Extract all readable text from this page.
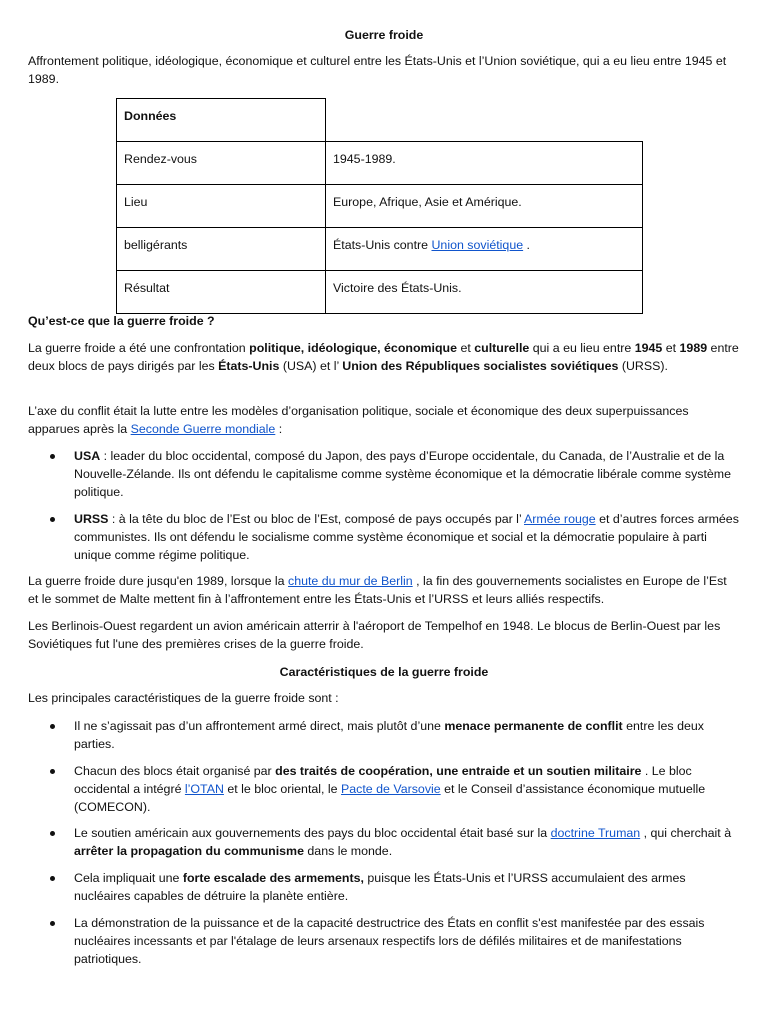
Guerre froide

Affrontement politique, idéologique, économique et culturel entre les États-Unis et l’Union soviétique, qui a eu lieu entre 1945 et 1989.

Données	
Rendez-vous	1945-1989.
Lieu	Europe, Afrique, Asie et Amérique.
belligérants	États-Unis contre Union soviétique .
Résultat	Victoire des États-Unis.

Qu’est-ce que la guerre froide ?

La guerre froide a été une confrontation politique, idéologique, économique et culturelle qui a eu lieu entre 1945 et 1989 entre deux blocs de pays dirigés par les États-Unis (USA) et l’ Union des Républiques socialistes soviétiques (URSS).

L’axe du conflit était la lutte entre les modèles d’organisation politique, sociale et économique des deux superpuissances apparues après la Seconde Guerre mondiale :

USA : leader du bloc occidental, composé du Japon, des pays d’Europe occidentale, du Canada, de l’Australie et de la Nouvelle-Zélande. Ils ont défendu le capitalisme comme système économique et la démocratie libérale comme système politique.
URSS : à la tête du bloc de l’Est ou bloc de l’Est, composé de pays occupés par l’ Armée rouge et d’autres forces armées communistes. Ils ont défendu le socialisme comme système économique et social et la démocratie populaire à parti unique comme régime politique.

La guerre froide dure jusqu'en 1989, lorsque la chute du mur de Berlin , la fin des gouvernements socialistes en Europe de l’Est et le sommet de Malte mettent fin à l’affrontement entre les États-Unis et l’URSS et leurs alliés respectifs.

Les Berlinois-Ouest regardent un avion américain atterrir à l'aéroport de Tempelhof en 1948. Le blocus de Berlin-Ouest par les Soviétiques fut l'une des premières crises de la guerre froide.

Caractéristiques de la guerre froide

Les principales caractéristiques de la guerre froide sont :

Il ne s’agissait pas d’un affrontement armé direct, mais plutôt d’une menace permanente de conflit entre les deux parties.
Chacun des blocs était organisé par des traités de coopération, une entraide et un soutien militaire . Le bloc occidental a intégré l’OTAN et le bloc oriental, le Pacte de Varsovie et le Conseil d’assistance économique mutuelle (COMECON).
Le soutien américain aux gouvernements des pays du bloc occidental était basé sur la doctrine Truman , qui cherchait à arrêter la propagation du communisme dans le monde.
Cela impliquait une forte escalade des armements, puisque les États-Unis et l’URSS accumulaient des armes nucléaires capables de détruire la planète entière.
La démonstration de la puissance et de la capacité destructrice des États en conflit s'est manifestée par des essais nucléaires incessants et par l'étalage de leurs arsenaux respectifs lors de défilés militaires et de manifestations patriotiques.
